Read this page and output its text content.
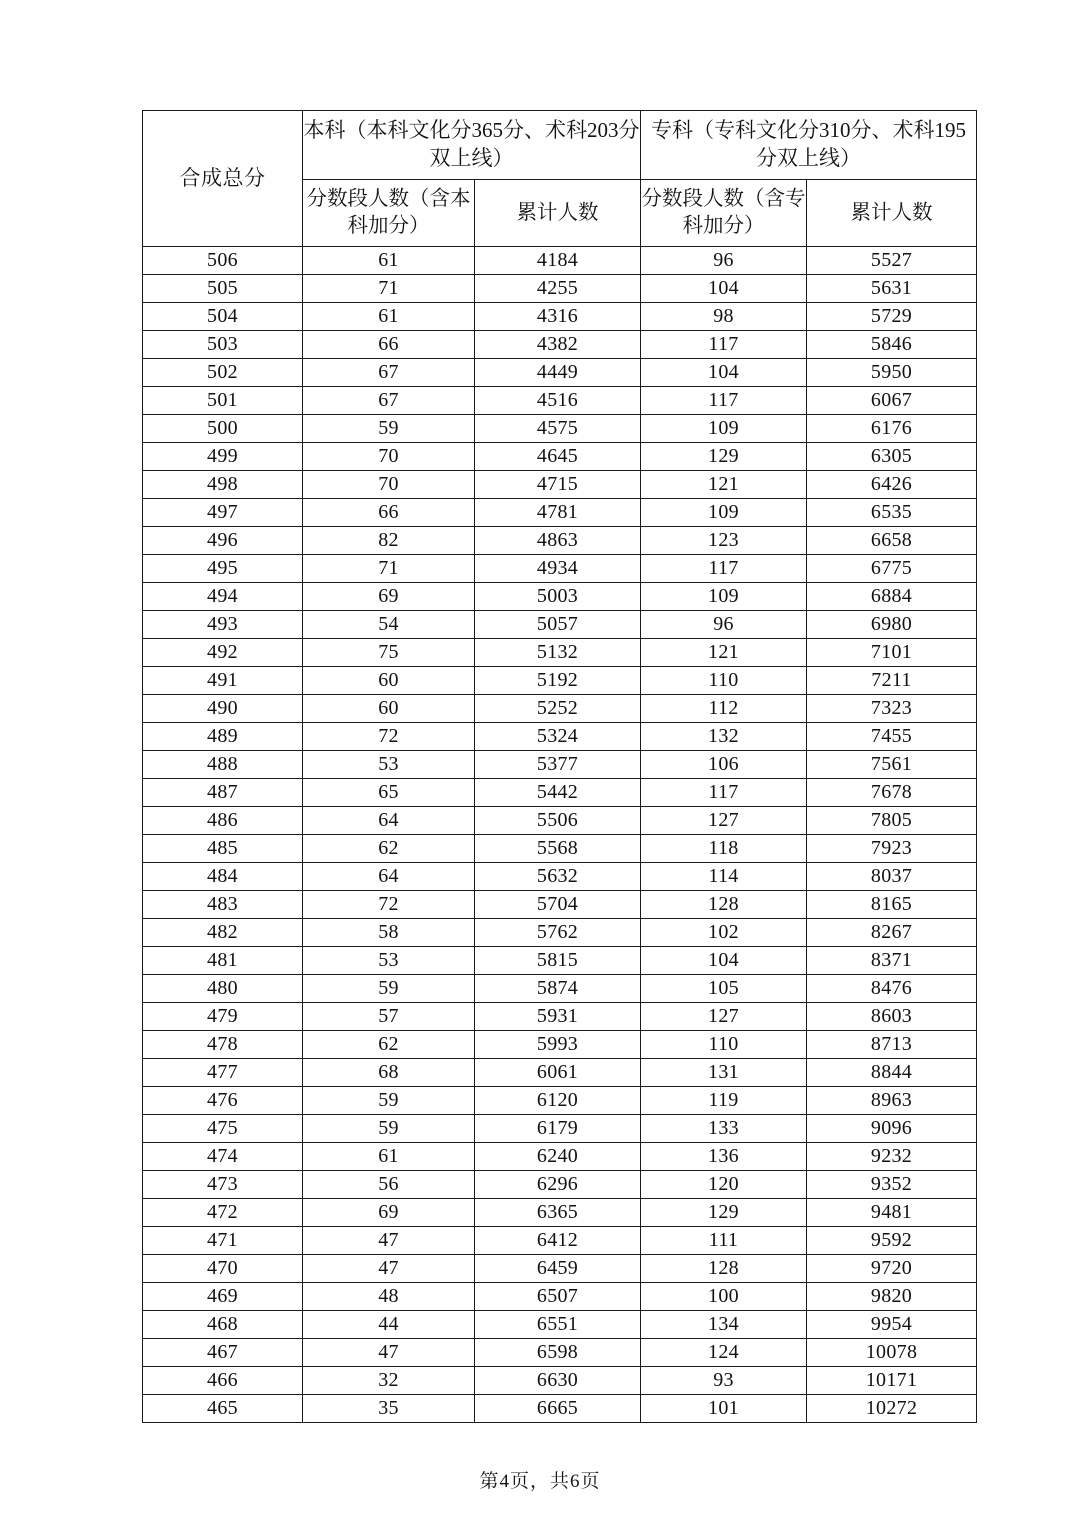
合成总分	本科（本科文化分365分、术科203分双上线）		专科（专科文化分310分、术科195分双上线）	
	分数段人数（含本科加分）	累计人数	分数段人数（含专科加分）	累计人数
506	61	4184	96	5527
505	71	4255	104	5631
504	61	4316	98	5729
503	66	4382	117	5846
502	67	4449	104	5950
501	67	4516	117	6067
500	59	4575	109	6176
499	70	4645	129	6305
498	70	4715	121	6426
497	66	4781	109	6535
496	82	4863	123	6658
495	71	4934	117	6775
494	69	5003	109	6884
493	54	5057	96	6980
492	75	5132	121	7101
491	60	5192	110	7211
490	60	5252	112	7323
489	72	5324	132	7455
488	53	5377	106	7561
487	65	5442	117	7678
486	64	5506	127	7805
485	62	5568	118	7923
484	64	5632	114	8037
483	72	5704	128	8165
482	58	5762	102	8267
481	53	5815	104	8371
480	59	5874	105	8476
479	57	5931	127	8603
478	62	5993	110	8713
477	68	6061	131	8844
476	59	6120	119	8963
475	59	6179	133	9096
474	61	6240	136	9232
473	56	6296	120	9352
472	69	6365	129	9481
471	47	6412	111	9592
470	47	6459	128	9720
469	48	6507	100	9820
468	44	6551	134	9954
467	47	6598	124	10078
466	32	6630	93	10171
465	35	6665	101	10272
第4页，共6页
